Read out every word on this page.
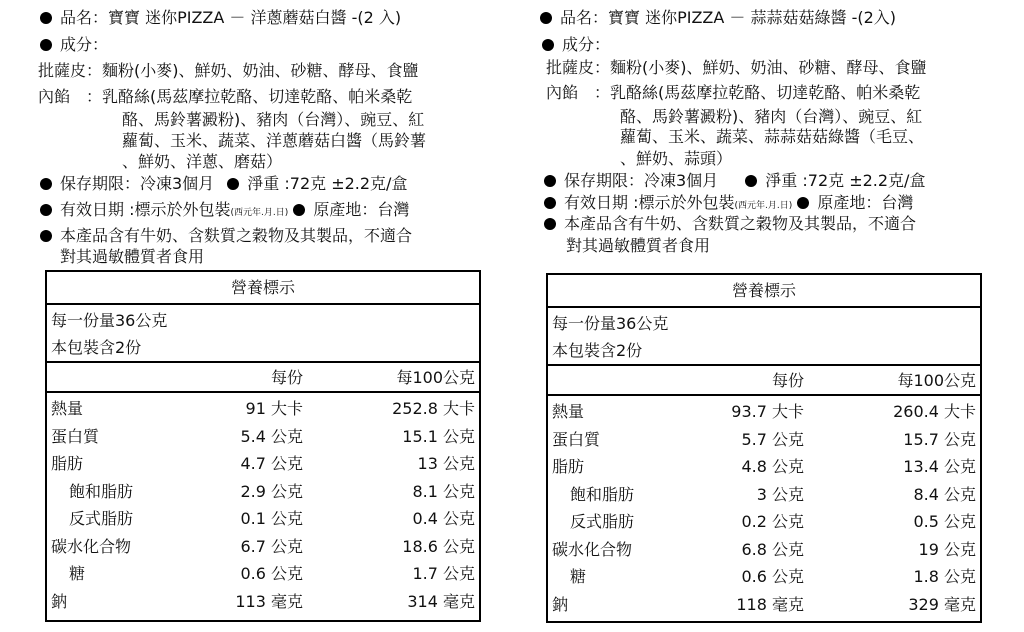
品名：寶寶 迷你PIZZA － 洋蔥蘑菇白醬 -(2 入)
成分：
批薩皮：麵粉(小麥)、鮮奶、奶油、砂糖、酵母、食鹽
內餡　：乳酪絲(馬茲摩拉乾酪、切達乾酪、帕米桑乾
酪、馬鈴薯澱粉)、豬肉（台灣）、豌豆、紅
蘿蔔、玉米、蔬菜、洋蔥蘑菇白醬（馬鈴薯
、鮮奶、洋蔥、磨菇）
保存期限：冷凍3個月 淨重 :72克 ±2.2克/盒
有效日期 :標示於外包裝(西元年.月.日) 原產地：台灣
本產品含有牛奶、含麩質之穀物及其製品，不適合
對其過敏體質者食用
營養標示
每一份量36公克
本包裝含2份
每份	每100公克
熱量	91 大卡	252.8 大卡
蛋白質	5.4 公克	15.1 公克
脂肪	4.7 公克	13 公克
飽和脂肪	2.9 公克	8.1 公克
反式脂肪	0.1 公克	0.4 公克
碳水化合物	6.7 公克	18.6 公克
糖	0.6 公克	1.7 公克
鈉	113 毫克	314 毫克
品名：寶寶 迷你PIZZA － 蒜蒜菇菇綠醬 -(2入)
成分：
批薩皮：麵粉(小麥)、鮮奶、奶油、砂糖、酵母、食鹽
內餡　：乳酪絲(馬茲摩拉乾酪、切達乾酪、帕米桑乾
酪、馬鈴薯澱粉)、豬肉（台灣）、豌豆、紅
蘿蔔、玉米、蔬菜、蒜蒜菇菇綠醬（毛豆、
、鮮奶、蒜頭）
保存期限：冷凍3個月	淨重 :72克 ±2.2克/盒
有效日期 :標示於外包裝(西元年.月.日) 原產地：台灣
本產品含有牛奶、含麩質之穀物及其製品，不適合
對其過敏體質者食用
營養標示
每一份量36公克
本包裝含2份
每份	每100公克
熱量	93.7 大卡	260.4 大卡
蛋白質	5.7 公克	15.7 公克
脂肪	4.8 公克	13.4 公克
飽和脂肪	3 公克	8.4 公克
反式脂肪	0.2 公克	0.5 公克
碳水化合物	6.8 公克	19 公克
糖	0.6 公克	1.8 公克
鈉	118 毫克	329 毫克
